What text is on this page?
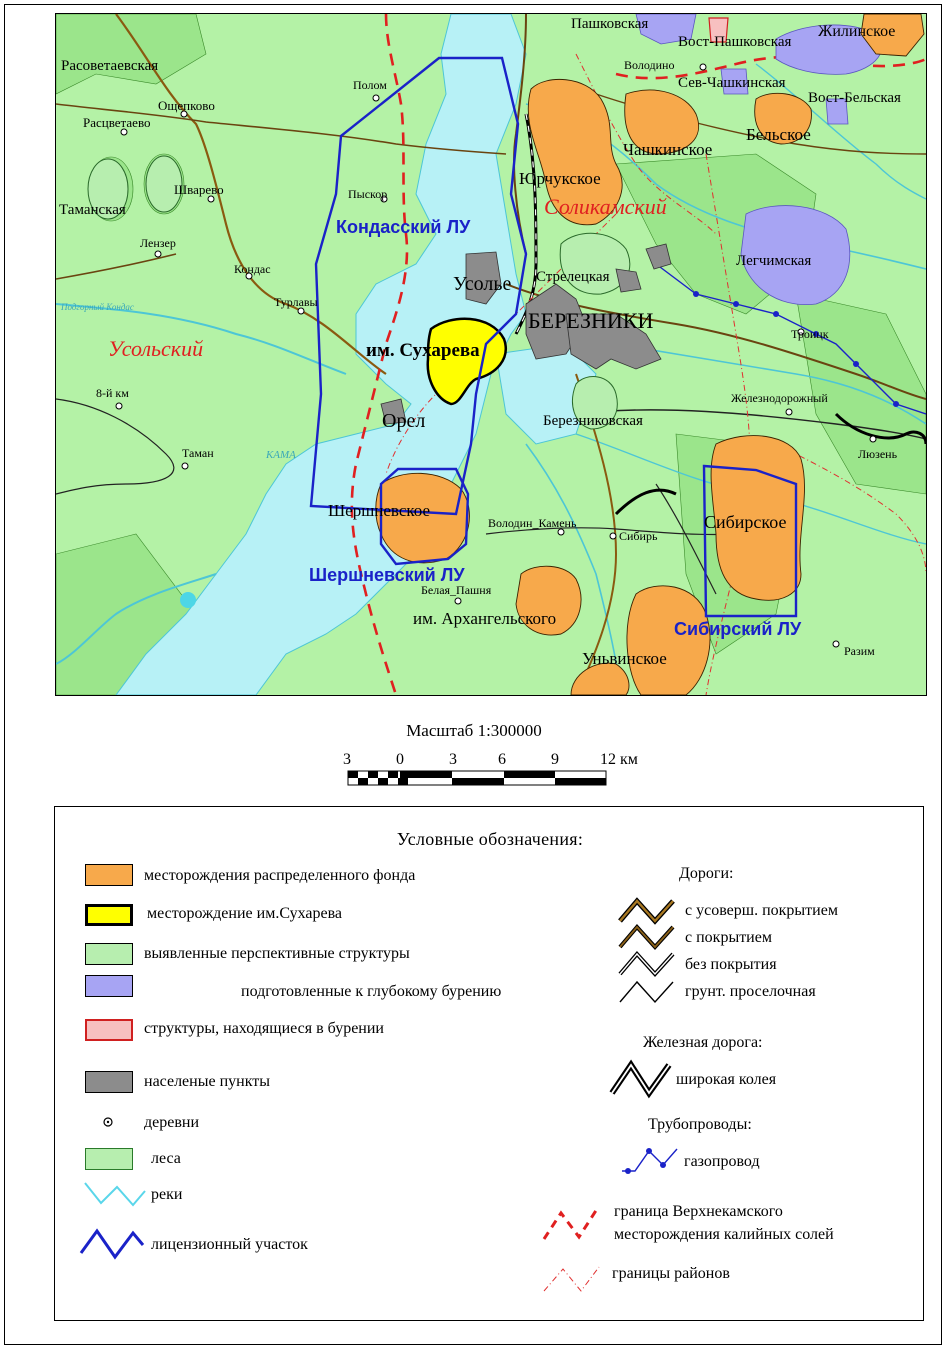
Пашковская	Жилинское
Вост-Пашковская
Володино
Сев-Чашкинская
Вост-Бельская
Бельское
Чашкинское
Расоветаевская
Ощепково
Расцветаево
Полом
Шварево
Таманская
Пыскор
Юрчукское
Соликамский
Кондасский ЛУ
Лензер
Кондас
Усолье Стрелецкая
Легчимская
Турлавы
БЕРЕЗНИКИ
Троицк
Усольский	им. Сухарева
8-й км	Железнодорожный
Орел	Березниковская
Таман	КАМА	Люзень
Шершневское
Володин_Камень
Сибирь
Сибирское
Шершневский ЛУ
Белая_Пашня
им. Архангельского
Сибирский ЛУ
Разим
Уньвинское
Подгорный Кондас
Масштаб 1:300000
3	0	3	6	9	12 км
Условные обозначения:
месторождения распределенного фонда
месторождение им.Сухарева
выявленные перспективные структуры
подготовленные к глубокому бурению
структуры, находящиеся в бурении
населеные пункты
деревни
леса
реки
лицензионный участок
Дороги:
с усоверш. покрытием
с покрытием
без покрытия
грунт. проселочная
Железная дорога:
широкая колея
Трубопроводы:
газопровод
граница Верхнекамского
месторождения калийных солей
границы районов
